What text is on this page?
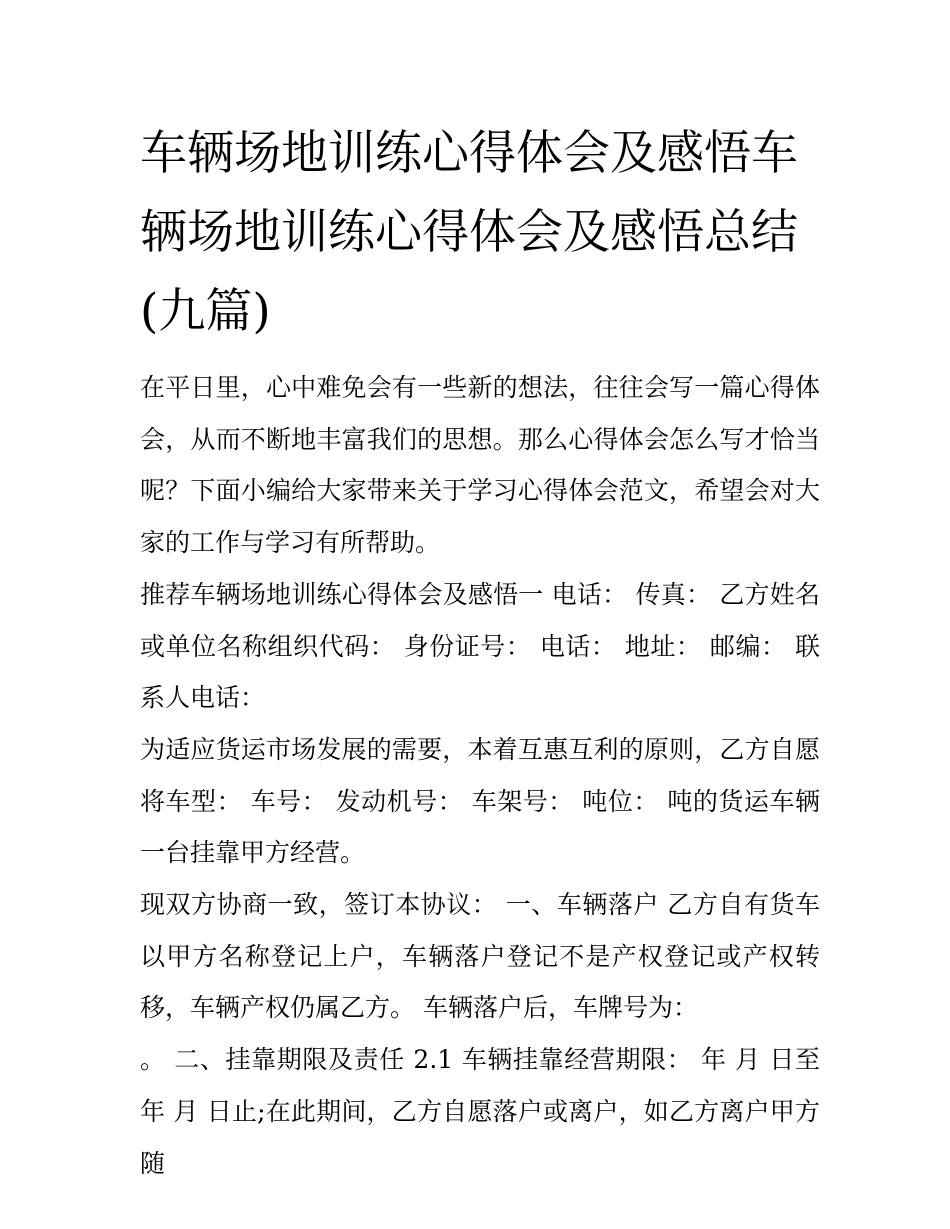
车辆场地训练心得体会及感悟车辆场地训练心得体会及感悟总结(九篇)

在平日里，心中难免会有一些新的想法，往往会写一篇心得体会，从而不断地丰富我们的思想。那么心得体会怎么写才恰当呢？下面小编给大家带来关于学习心得体会范文，希望会对大家的工作与学习有所帮助。

推荐车辆场地训练心得体会及感悟一 电话： 传真： 乙方姓名或单位名称组织代码： 身份证号： 电话： 地址： 邮编： 联系人电话：

为适应货运市场发展的需要，本着互惠互利的原则，乙方自愿将车型： 车号： 发动机号： 车架号： 吨位： 吨的货运车辆一台挂靠甲方经营。

现双方协商一致，签订本协议： 一、车辆落户 乙方自有货车以甲方名称登记上户，车辆落户登记不是产权登记或产权转移，车辆产权仍属乙方。 车辆落户后，车牌号为：

。 二、挂靠期限及责任 2.1 车辆挂靠经营期限： 年 月 日至 年 月 日止;在此期间，乙方自愿落户或离户，如乙方离户甲方随
